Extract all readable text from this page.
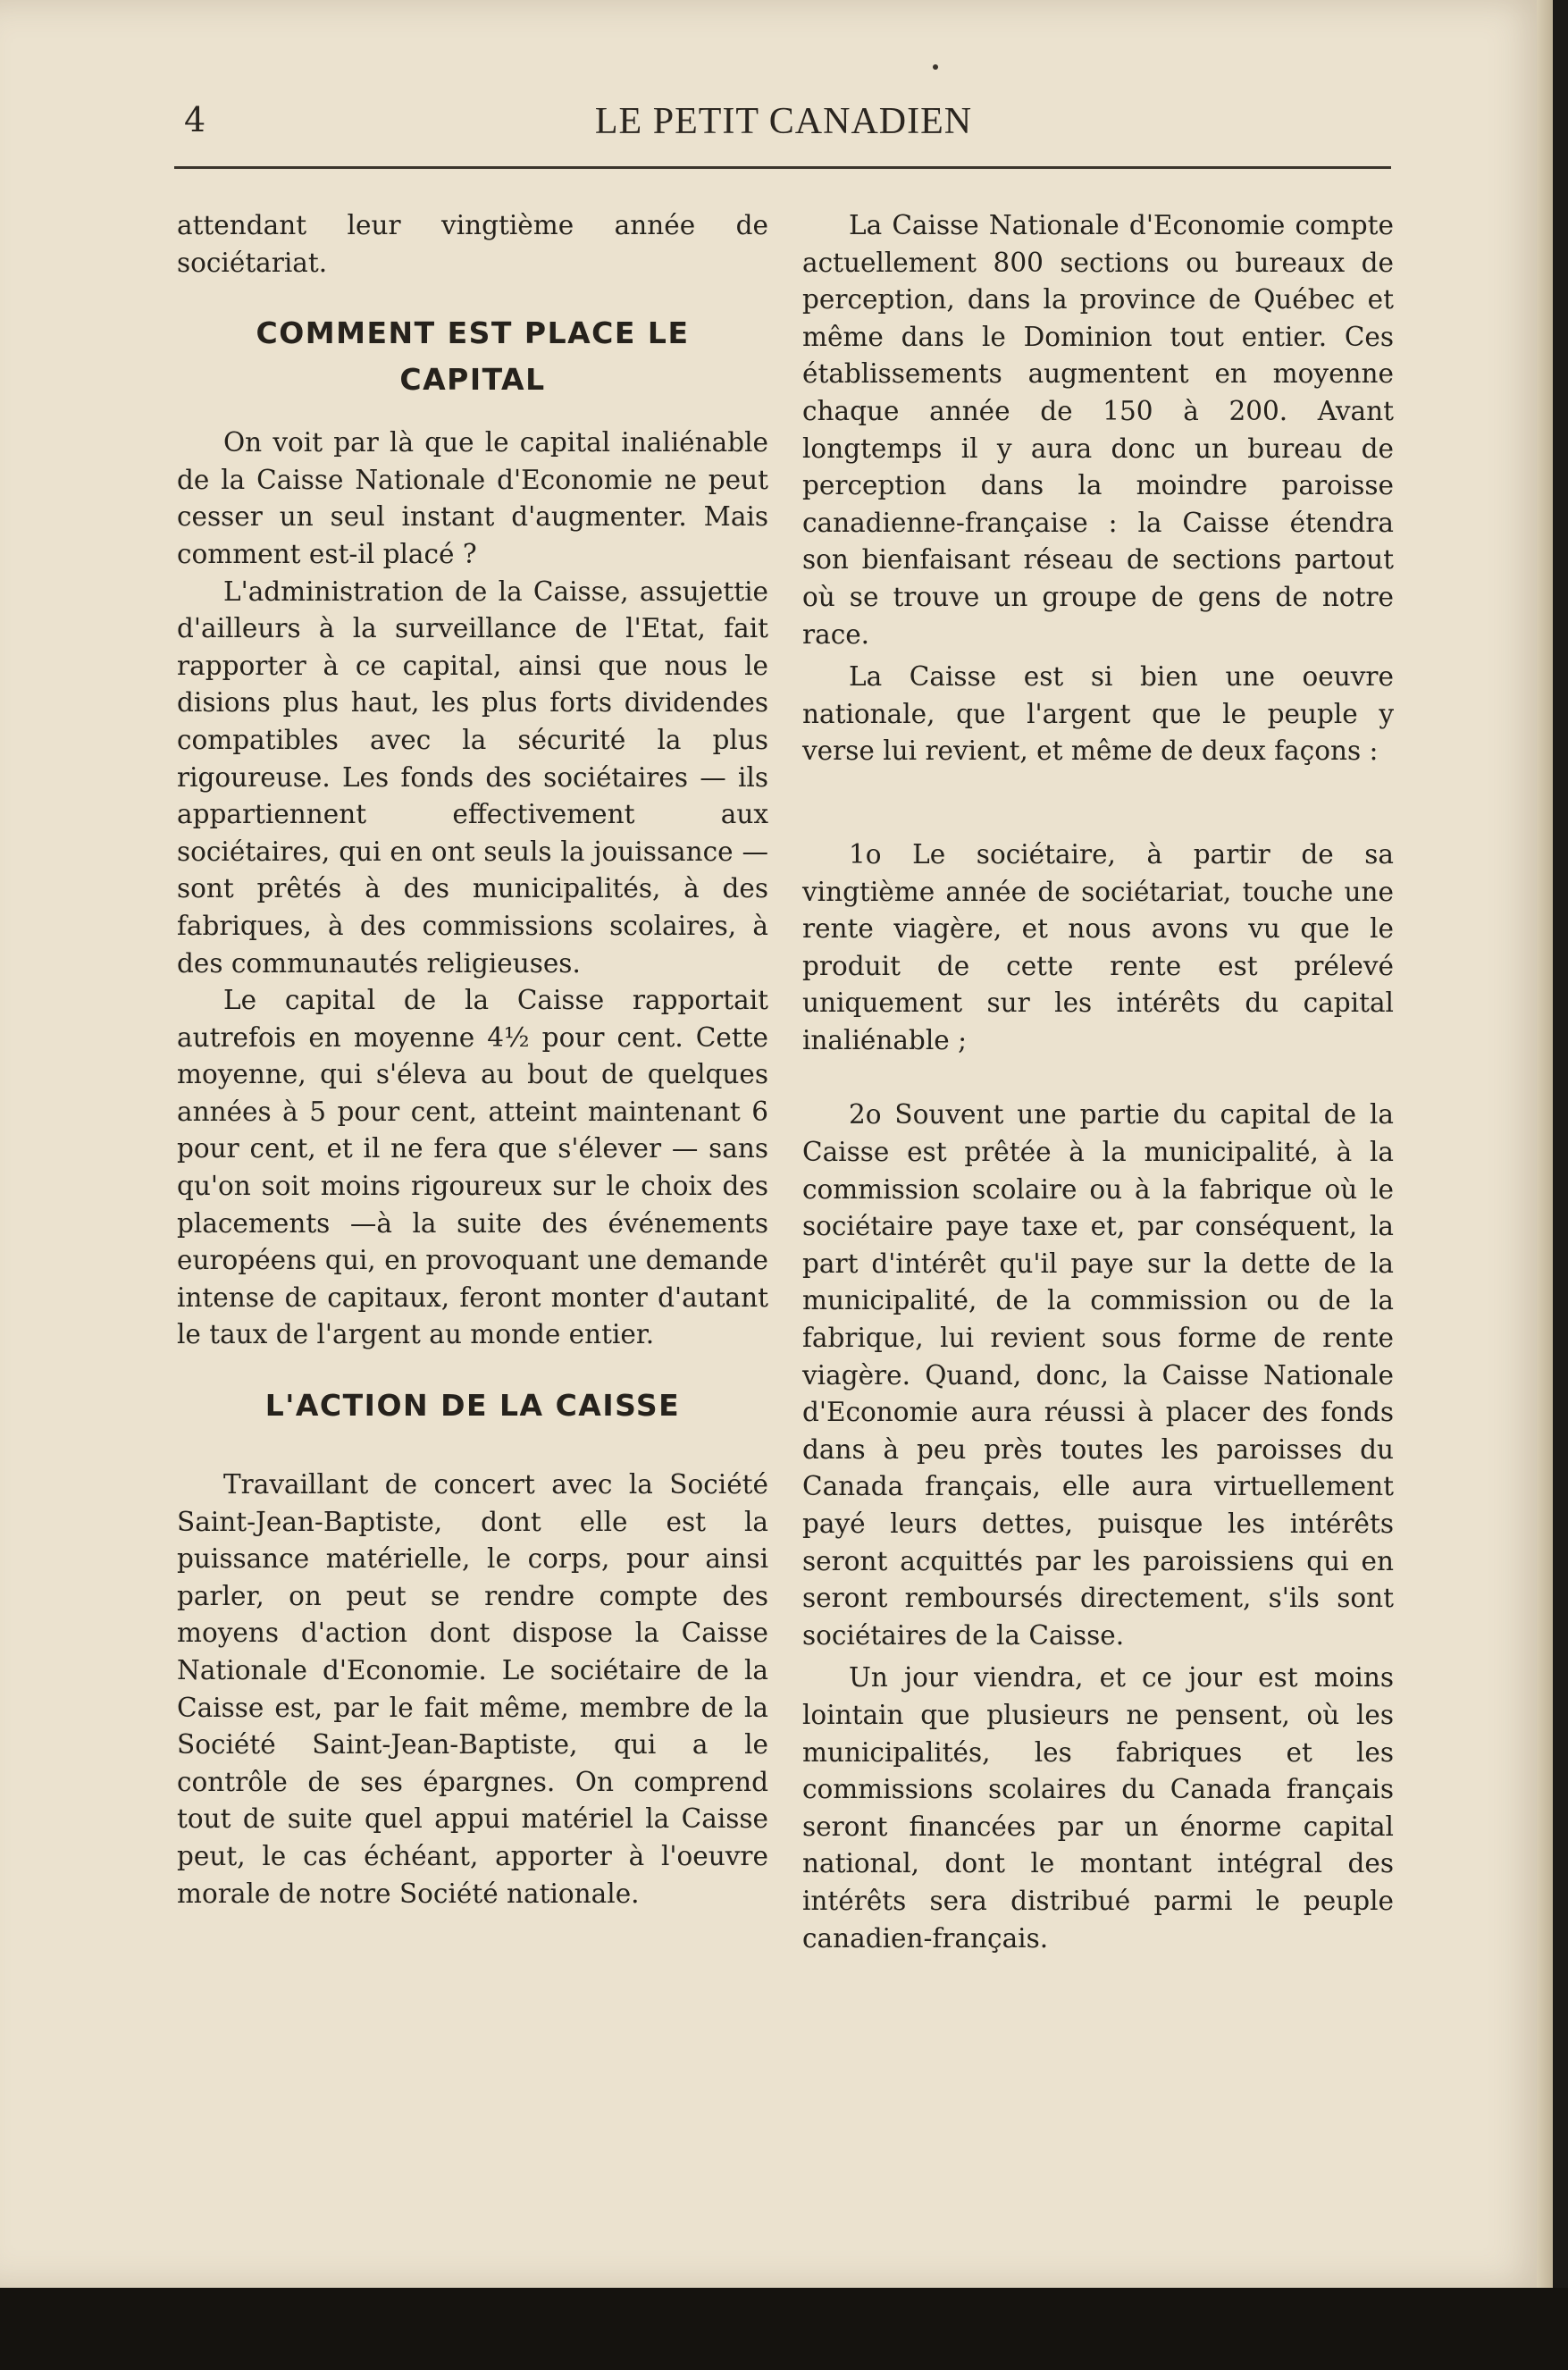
4	LE PETIT CANADIEN

attendant leur vingtième année de sociétariat.

COMMENT EST PLACE LE CAPITAL

On voit par là que le capital inaliénable de la Caisse Nationale d'Economie ne peut cesser un seul instant d'augmenter. Mais comment est-il placé ?

L'administration de la Caisse, assujettie d'ailleurs à la surveillance de l'Etat, fait rapporter à ce capital, ainsi que nous le disions plus haut, les plus forts dividendes compatibles avec la sécurité la plus rigoureuse. Les fonds des sociétaires — ils appartiennent effectivement aux sociétaires, qui en ont seuls la jouissance — sont prêtés à des municipalités, à des fabriques, à des commissions scolaires, à des communautés religieuses.

Le capital de la Caisse rapportait autrefois en moyenne 4½ pour cent. Cette moyenne, qui s'éleva au bout de quelques années à 5 pour cent, atteint maintenant 6 pour cent, et il ne fera que s'élever — sans qu'on soit moins rigoureux sur le choix des placements —à la suite des événements européens qui, en provoquant une demande intense de capitaux, feront monter d'autant le taux de l'argent au monde entier.

L'ACTION DE LA CAISSE

Travaillant de concert avec la Société Saint-Jean-Baptiste, dont elle est la puissance matérielle, le corps, pour ainsi parler, on peut se rendre compte des moyens d'action dont dispose la Caisse Nationale d'Economie. Le sociétaire de la Caisse est, par le fait même, membre de la Société Saint-Jean-Baptiste, qui a le contrôle de ses épargnes. On comprend tout de suite quel appui matériel la Caisse peut, le cas échéant, apporter à l'oeuvre morale de notre Société nationale.

La Caisse Nationale d'Economie compte actuellement 800 sections ou bureaux de perception, dans la province de Québec et même dans le Dominion tout entier. Ces établissements augmentent en moyenne chaque année de 150 à 200. Avant longtemps il y aura donc un bureau de perception dans la moindre paroisse canadienne-française : la Caisse étendra son bienfaisant réseau de sections partout où se trouve un groupe de gens de notre race.

La Caisse est si bien une oeuvre nationale, que l'argent que le peuple y verse lui revient, et même de deux façons :

1o Le sociétaire, à partir de sa vingtième année de sociétariat, touche une rente viagère, et nous avons vu que le produit de cette rente est prélevé uniquement sur les intérêts du capital inaliénable ;

2o Souvent une partie du capital de la Caisse est prêtée à la municipalité, à la commission scolaire ou à la fabrique où le sociétaire paye taxe et, par conséquent, la part d'intérêt qu'il paye sur la dette de la municipalité, de la commission ou de la fabrique, lui revient sous forme de rente viagère. Quand, donc, la Caisse Nationale d'Economie aura réussi à placer des fonds dans à peu près toutes les paroisses du Canada français, elle aura virtuellement payé leurs dettes, puisque les intérêts seront acquittés par les paroissiens qui en seront remboursés directement, s'ils sont sociétaires de la Caisse.

Un jour viendra, et ce jour est moins lointain que plusieurs ne pensent, où les municipalités, les fabriques et les commissions scolaires du Canada français seront financées par un énorme capital national, dont le montant intégral des intérêts sera distribué parmi le peuple canadien-français.
